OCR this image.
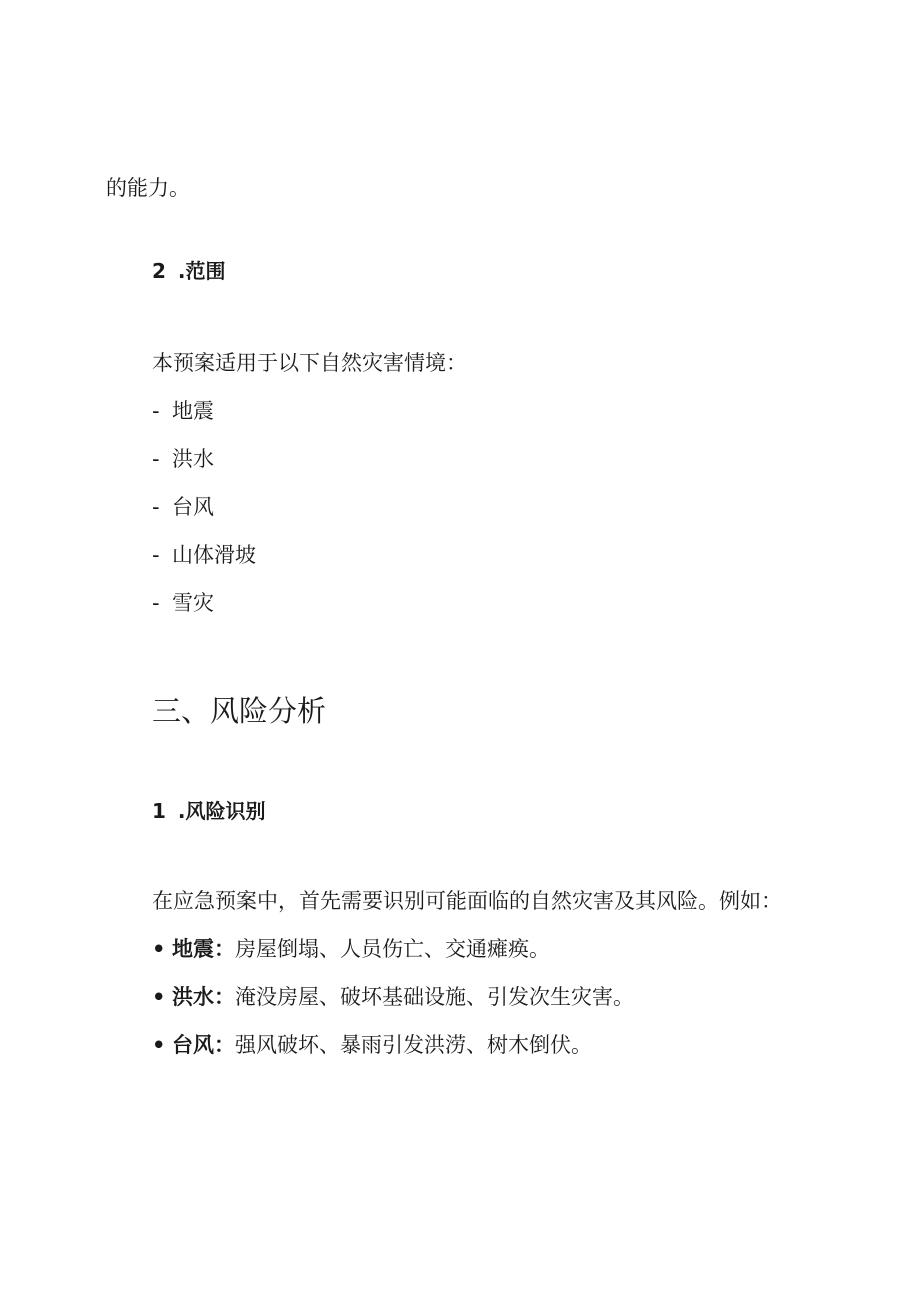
的能力。
2 .范围
本预案适用于以下自然灾害情境：
- 地震
- 洪水
- 台风
- 山体滑坡
- 雪灾
三、风险分析
1 .风险识别
在应急预案中，首先需要识别可能面临的自然灾害及其风险。例如：
• 地震：房屋倒塌、人员伤亡、交通瘫痪。
• 洪水：淹没房屋、破坏基础设施、引发次生灾害。
• 台风：强风破坏、暴雨引发洪涝、树木倒伏。
